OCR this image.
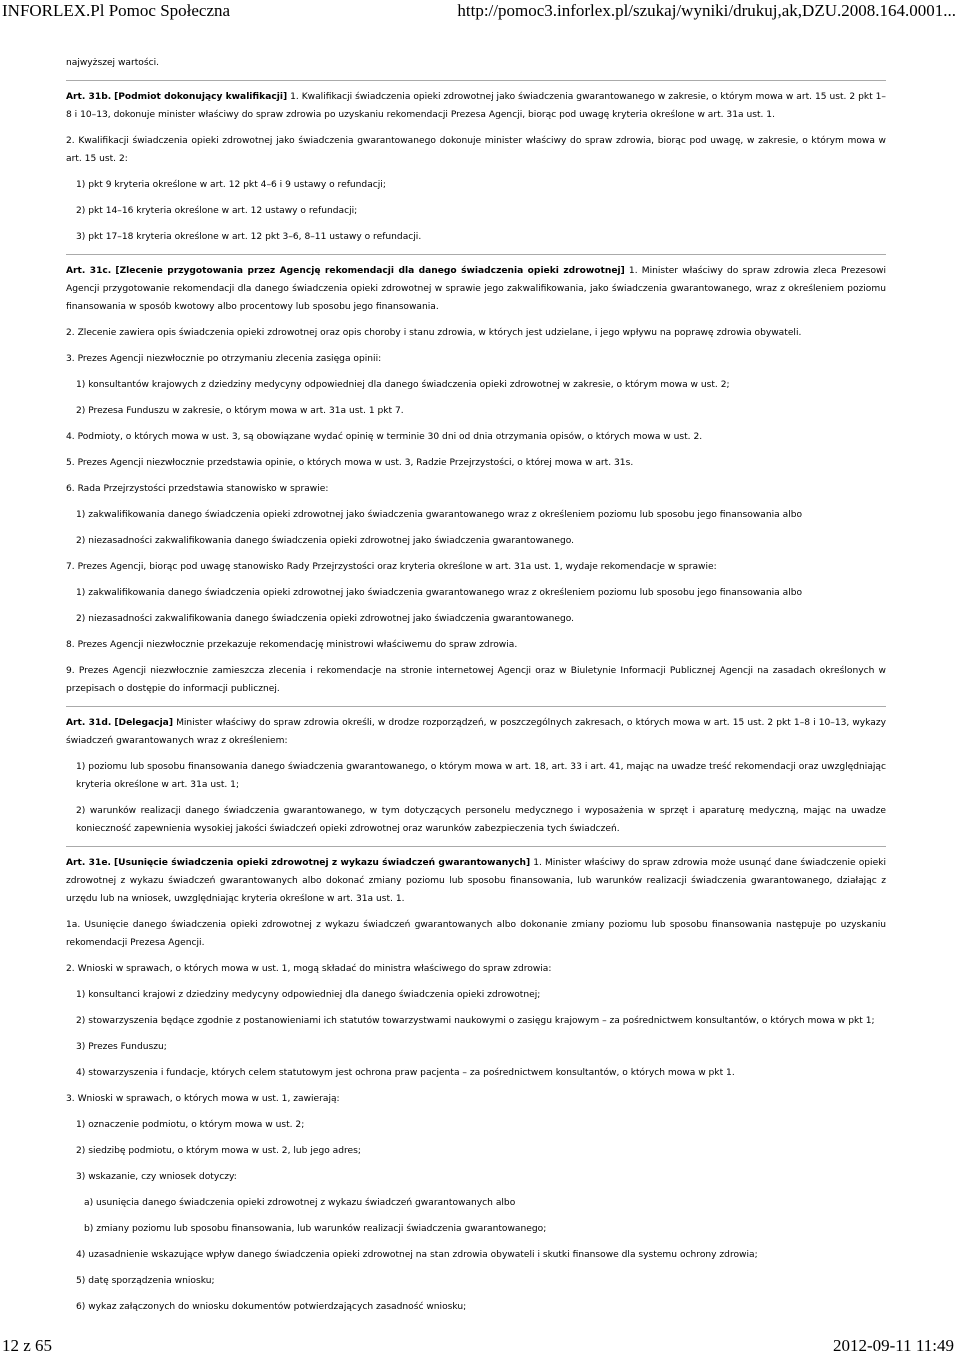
INFORLEX.Pl Pomoc Społeczna	http://pomoc3.inforlex.pl/szukaj/wyniki/drukuj,ak,DZU.2008.164.0001...

najwyższej wartości.

Art. 31b. [Podmiot dokonujący kwalifikacji] 1. Kwalifikacji świadczenia opieki zdrowotnej jako świadczenia gwarantowanego w zakresie, o którym mowa w art. 15 ust. 2 pkt 1–8 i 10–13, dokonuje minister właściwy do spraw zdrowia po uzyskaniu rekomendacji Prezesa Agencji, biorąc pod uwagę kryteria określone w art. 31a ust. 1.

2. Kwalifikacji świadczenia opieki zdrowotnej jako świadczenia gwarantowanego dokonuje minister właściwy do spraw zdrowia, biorąc pod uwagę, w zakresie, o którym mowa w art. 15 ust. 2:

1) pkt 9 kryteria określone w art. 12 pkt 4–6 i 9 ustawy o refundacji;

2) pkt 14–16 kryteria określone w art. 12 ustawy o refundacji;

3) pkt 17–18 kryteria określone w art. 12 pkt 3–6, 8–11 ustawy o refundacji.

Art. 31c. [Zlecenie przygotowania przez Agencję rekomendacji dla danego świadczenia opieki zdrowotnej] 1. Minister właściwy do spraw zdrowia zleca Prezesowi Agencji przygotowanie rekomendacji dla danego świadczenia opieki zdrowotnej w sprawie jego zakwalifikowania, jako świadczenia gwarantowanego, wraz z określeniem poziomu finansowania w sposób kwotowy albo procentowy lub sposobu jego finansowania.

2. Zlecenie zawiera opis świadczenia opieki zdrowotnej oraz opis choroby i stanu zdrowia, w których jest udzielane, i jego wpływu na poprawę zdrowia obywateli.

3. Prezes Agencji niezwłocznie po otrzymaniu zlecenia zasięga opinii:

1) konsultantów krajowych z dziedziny medycyny odpowiedniej dla danego świadczenia opieki zdrowotnej w zakresie, o którym mowa w ust. 2;

2) Prezesa Funduszu w zakresie, o którym mowa w art. 31a ust. 1 pkt 7.

4. Podmioty, o których mowa w ust. 3, są obowiązane wydać opinię w terminie 30 dni od dnia otrzymania opisów, o których mowa w ust. 2.

5. Prezes Agencji niezwłocznie przedstawia opinie, o których mowa w ust. 3, Radzie Przejrzystości, o której mowa w art. 31s.

6. Rada Przejrzystości przedstawia stanowisko w sprawie:

1) zakwalifikowania danego świadczenia opieki zdrowotnej jako świadczenia gwarantowanego wraz z określeniem poziomu lub sposobu jego finansowania albo

2) niezasadności zakwalifikowania danego świadczenia opieki zdrowotnej jako świadczenia gwarantowanego.

7. Prezes Agencji, biorąc pod uwagę stanowisko Rady Przejrzystości oraz kryteria określone w art. 31a ust. 1, wydaje rekomendacje w sprawie:

1) zakwalifikowania danego świadczenia opieki zdrowotnej jako świadczenia gwarantowanego wraz z określeniem poziomu lub sposobu jego finansowania albo

2) niezasadności zakwalifikowania danego świadczenia opieki zdrowotnej jako świadczenia gwarantowanego.

8. Prezes Agencji niezwłocznie przekazuje rekomendację ministrowi właściwemu do spraw zdrowia.

9. Prezes Agencji niezwłocznie zamieszcza zlecenia i rekomendacje na stronie internetowej Agencji oraz w Biuletynie Informacji Publicznej Agencji na zasadach określonych w przepisach o dostępie do informacji publicznej.

Art. 31d. [Delegacja] Minister właściwy do spraw zdrowia określi, w drodze rozporządzeń, w poszczególnych zakresach, o których mowa w art. 15 ust. 2 pkt 1–8 i 10–13, wykazy świadczeń gwarantowanych wraz z określeniem:

1) poziomu lub sposobu finansowania danego świadczenia gwarantowanego, o którym mowa w art. 18, art. 33 i art. 41, mając na uwadze treść rekomendacji oraz uwzględniając kryteria określone w art. 31a ust. 1;

2) warunków realizacji danego świadczenia gwarantowanego, w tym dotyczących personelu medycznego i wyposażenia w sprzęt i aparaturę medyczną, mając na uwadze konieczność zapewnienia wysokiej jakości świadczeń opieki zdrowotnej oraz warunków zabezpieczenia tych świadczeń.

Art. 31e. [Usunięcie świadczenia opieki zdrowotnej z wykazu świadczeń gwarantowanych] 1. Minister właściwy do spraw zdrowia może usunąć dane świadczenie opieki zdrowotnej z wykazu świadczeń gwarantowanych albo dokonać zmiany poziomu lub sposobu finansowania, lub warunków realizacji świadczenia gwarantowanego, działając z urzędu lub na wniosek, uwzględniając kryteria określone w art. 31a ust. 1.

1a. Usunięcie danego świadczenia opieki zdrowotnej z wykazu świadczeń gwarantowanych albo dokonanie zmiany poziomu lub sposobu finansowania następuje po uzyskaniu rekomendacji Prezesa Agencji.

2. Wnioski w sprawach, o których mowa w ust. 1, mogą składać do ministra właściwego do spraw zdrowia:

1) konsultanci krajowi z dziedziny medycyny odpowiedniej dla danego świadczenia opieki zdrowotnej;

2) stowarzyszenia będące zgodnie z postanowieniami ich statutów towarzystwami naukowymi o zasięgu krajowym – za pośrednictwem konsultantów, o których mowa w pkt 1;

3) Prezes Funduszu;

4) stowarzyszenia i fundacje, których celem statutowym jest ochrona praw pacjenta – za pośrednictwem konsultantów, o których mowa w pkt 1.

3. Wnioski w sprawach, o których mowa w ust. 1, zawierają:

1) oznaczenie podmiotu, o którym mowa w ust. 2;

2) siedzibę podmiotu, o którym mowa w ust. 2, lub jego adres;

3) wskazanie, czy wniosek dotyczy:

a) usunięcia danego świadczenia opieki zdrowotnej z wykazu świadczeń gwarantowanych albo

b) zmiany poziomu lub sposobu finansowania, lub warunków realizacji świadczenia gwarantowanego;

4) uzasadnienie wskazujące wpływ danego świadczenia opieki zdrowotnej na stan zdrowia obywateli i skutki finansowe dla systemu ochrony zdrowia;

5) datę sporządzenia wniosku;

6) wykaz załączonych do wniosku dokumentów potwierdzających zasadność wniosku;

12 z 65	2012-09-11 11:49
